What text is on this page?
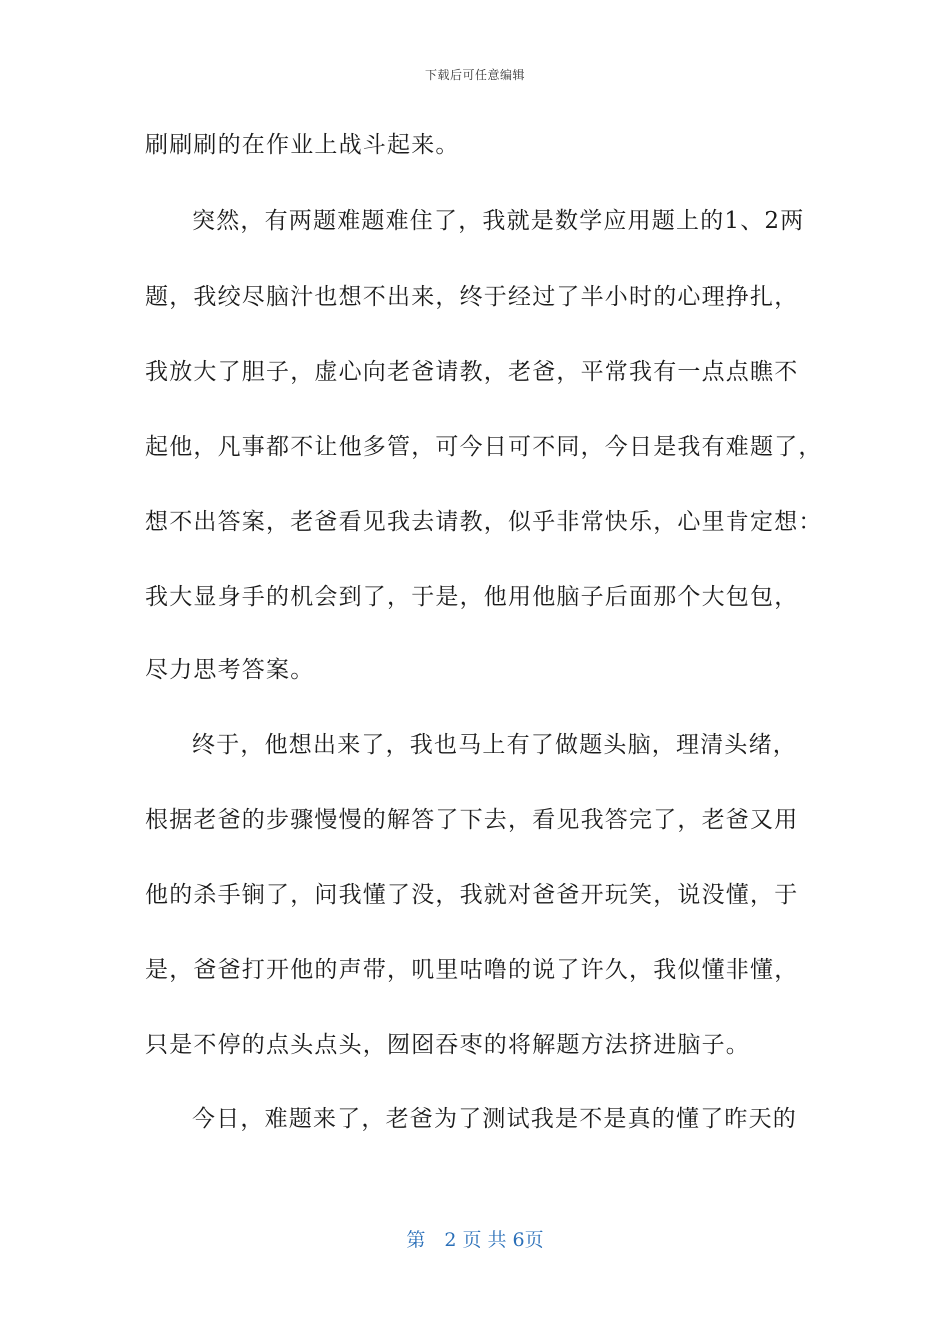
下载后可任意编辑
刷刷刷的在作业上战斗起来。
突然，有两题难题难住了，我就是数学应用题上的1、2两
题，我绞尽脑汁也想不出来，终于经过了半小时的心理挣扎，
我放大了胆子，虚心向老爸请教，老爸，平常我有一点点瞧不
起他，凡事都不让他多管，可今日可不同，今日是我有难题了，
想不出答案，老爸看见我去请教，似乎非常快乐，心里肯定想：
我大显身手的机会到了，于是，他用他脑子后面那个大包包，
尽力思考答案。
终于，他想出来了，我也马上有了做题头脑，理清头绪，
根据老爸的步骤慢慢的解答了下去，看见我答完了，老爸又用
他的杀手锏了，问我懂了没，我就对爸爸开玩笑，说没懂，于
是，爸爸打开他的声带，叽里咕噜的说了许久，我似懂非懂，
只是不停的点头点头，囫囵吞枣的将解题方法挤进脑子。
今日，难题来了，老爸为了测试我是不是真的懂了昨天的
第　2 页 共 6页
